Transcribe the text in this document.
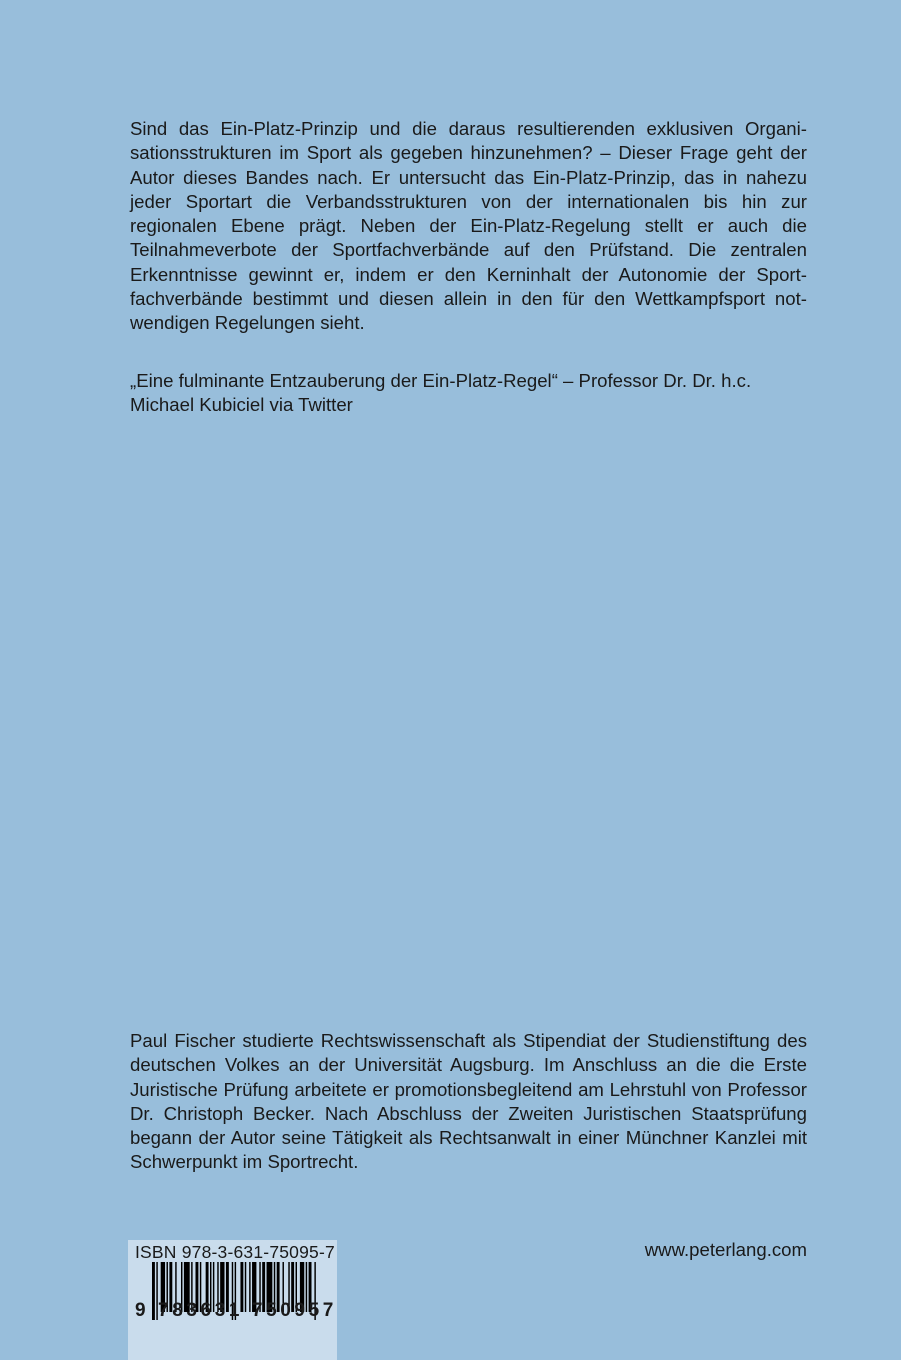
Sind das Ein-Platz-Prinzip und die daraus resultierenden exklusiven Organisationsstrukturen im Sport als gegeben hinzunehmen? – Dieser Frage geht der Autor dieses Bandes nach. Er untersucht das Ein-Platz-Prinzip, das in nahezu jeder Sportart die Verbandsstrukturen von der internationalen bis hin zur regionalen Ebene prägt. Neben der Ein-Platz-Regelung stellt er auch die Teilnahmeverbote der Sportfachverbände auf den Prüfstand. Die zentralen Erkenntnisse gewinnt er, indem er den Kerninhalt der Autonomie der Sportfachverbände bestimmt und diesen allein in den für den Wettkampfsport notwendigen Regelungen sieht.

„Eine fulminante Entzauberung der Ein-Platz-Regel“ – Professor Dr. Dr. h.c. Michael Kubiciel via Twitter

Paul Fischer studierte Rechtswissenschaft als Stipendiat der Studienstiftung des deutschen Volkes an der Universität Augsburg. Im Anschluss an die die Erste Juristische Prüfung arbeitete er promotionsbegleitend am Lehrstuhl von Professor Dr. Christoph Becker. Nach Abschluss der Zweiten Juristischen Staatsprüfung begann der Autor seine Tätigkeit als Rechtsanwalt in einer Münchner Kanzlei mit Schwerpunkt im Sportrecht.

ISBN 978-3-631-75095-7
9 783631 750957
www.peterlang.com
